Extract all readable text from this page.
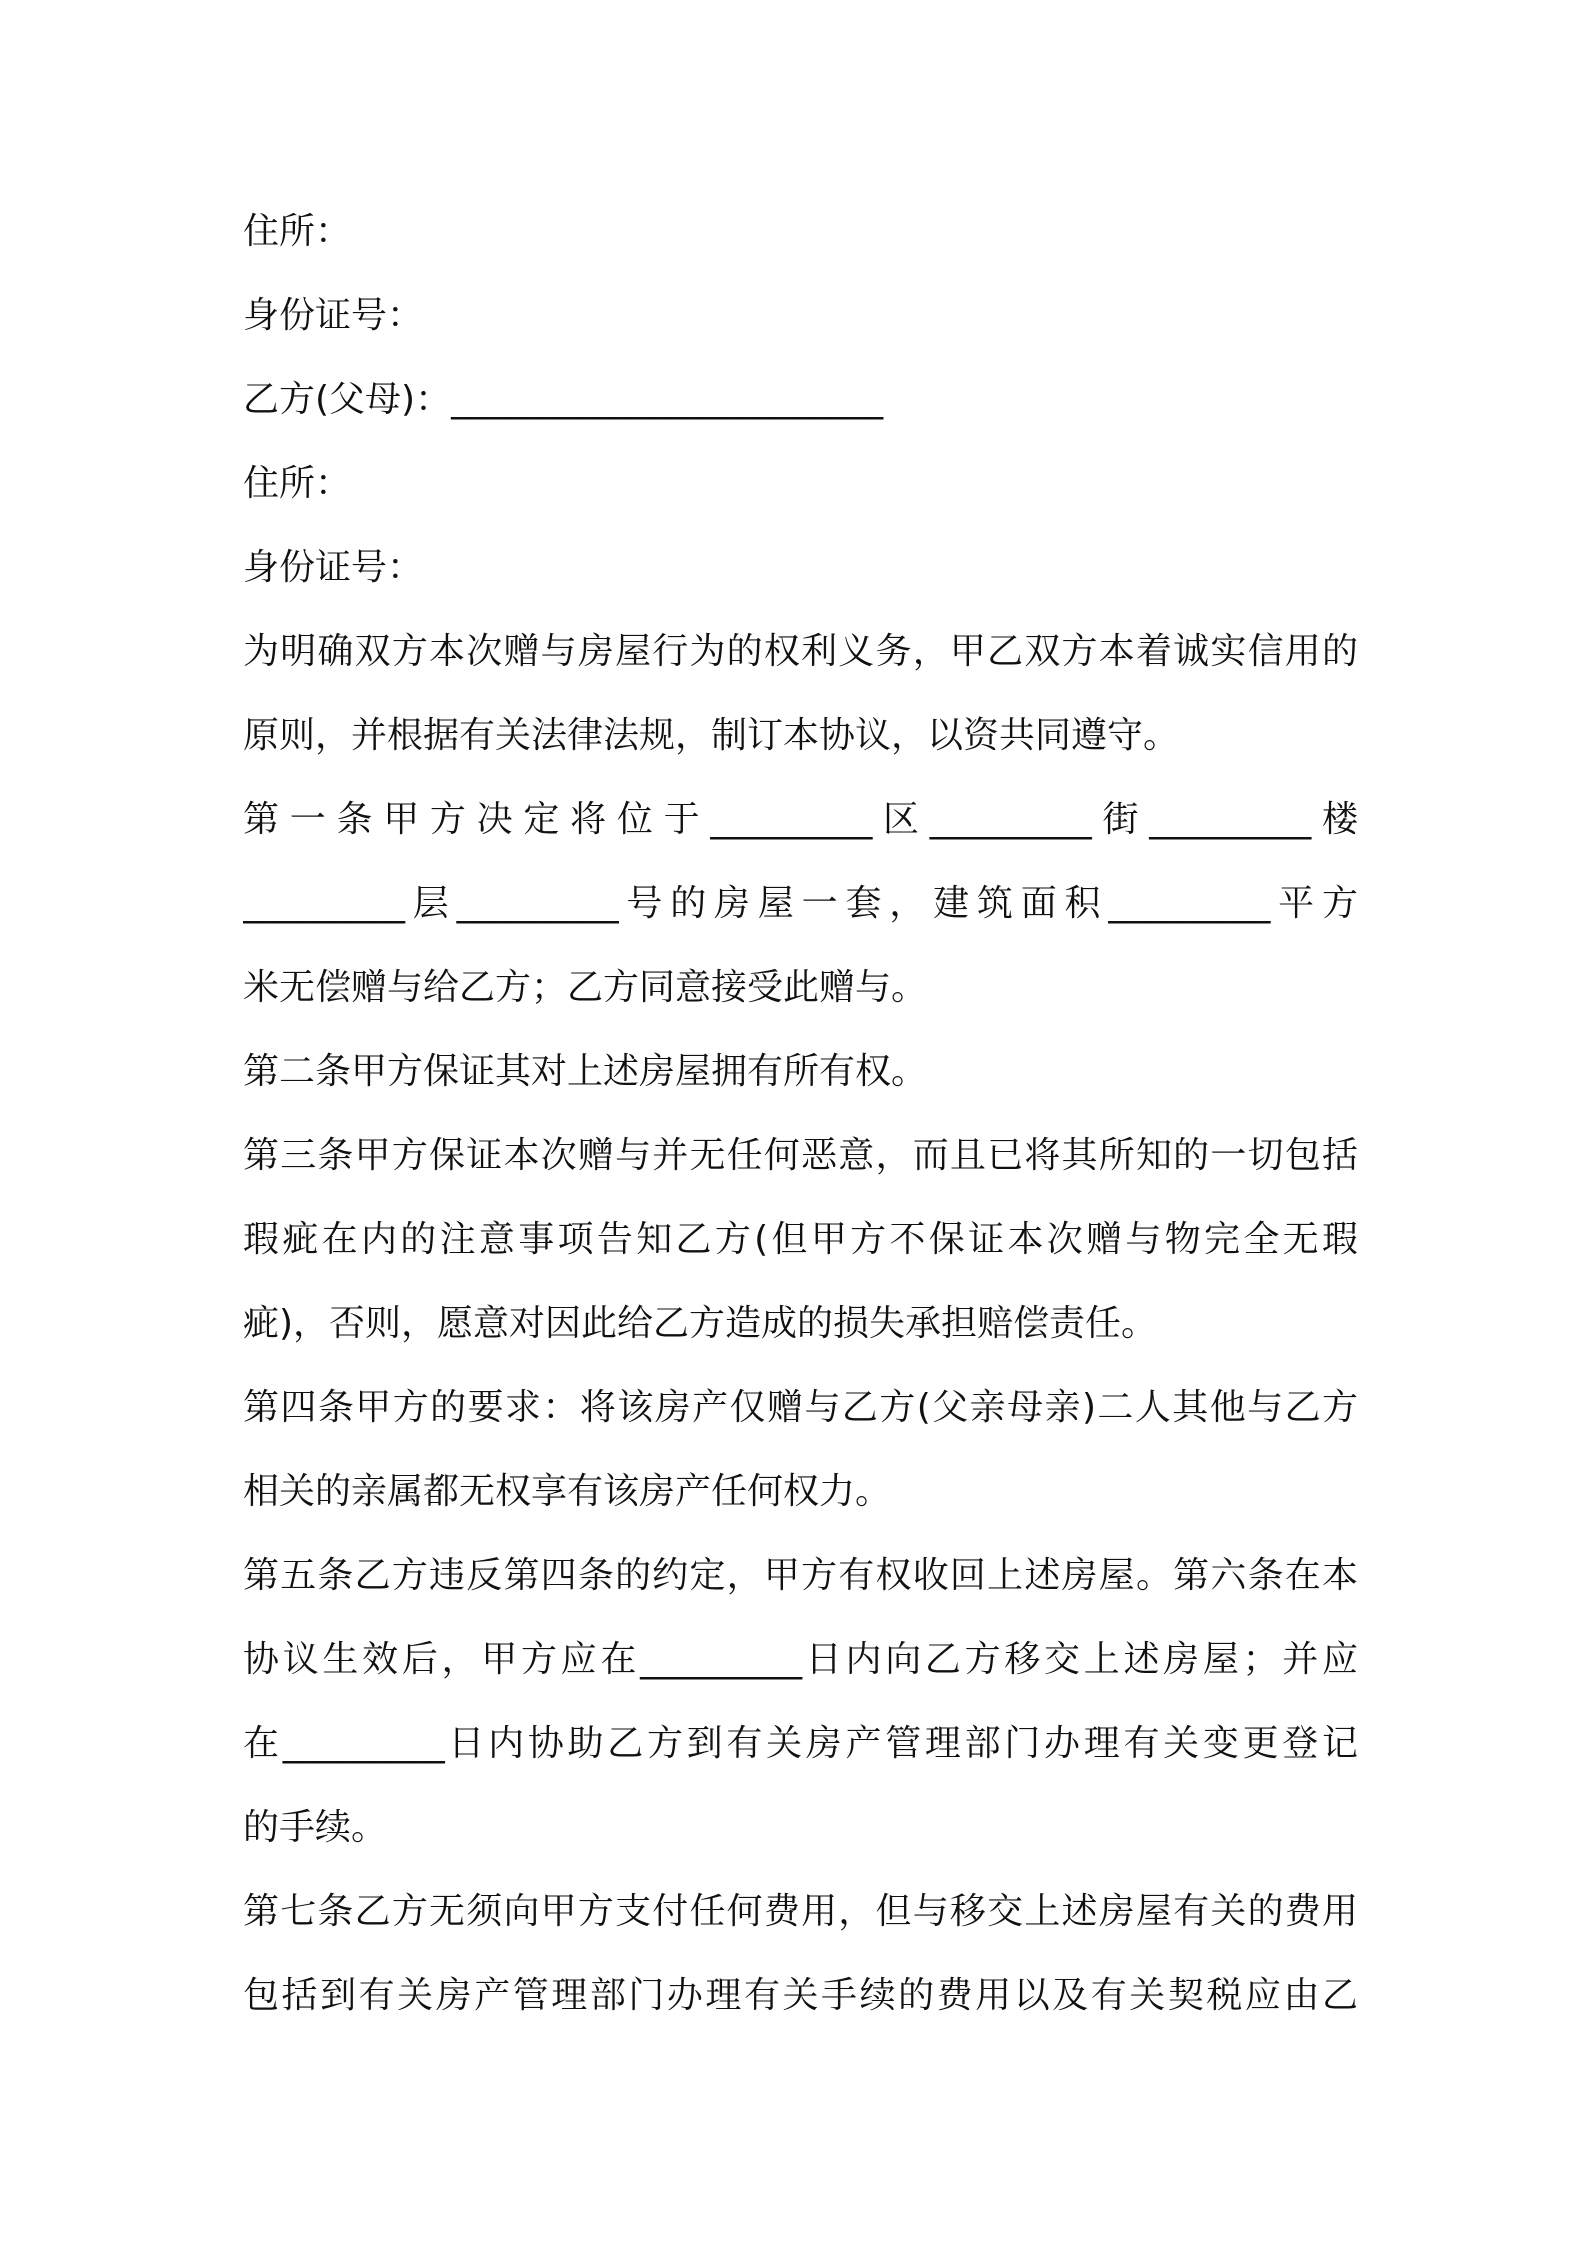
住所：
身份证号：
乙方(父母)：________________________
住所：
身份证号：
为明确双方本次赠与房屋行为的权利义务，甲乙双方本着诚实信用的
原则，并根据有关法律法规，制订本协议，以资共同遵守。
第一条甲方决定将位于_________区_________街_________楼
_________层_________号的房屋一套，建筑面积_________平方
米无偿赠与给乙方；乙方同意接受此赠与。
第二条甲方保证其对上述房屋拥有所有权。
第三条甲方保证本次赠与并无任何恶意，而且已将其所知的一切包括
瑕疵在内的注意事项告知乙方(但甲方不保证本次赠与物完全无瑕
疵)，否则，愿意对因此给乙方造成的损失承担赔偿责任。
第四条甲方的要求：将该房产仅赠与乙方(父亲母亲)二人其他与乙方
相关的亲属都无权享有该房产任何权力。
第五条乙方违反第四条的约定，甲方有权收回上述房屋。第六条在本
协议生效后，甲方应在_________日内向乙方移交上述房屋；并应
在_________日内协助乙方到有关房产管理部门办理有关变更登记
的手续。
第七条乙方无须向甲方支付任何费用，但与移交上述房屋有关的费用
包括到有关房产管理部门办理有关手续的费用以及有关契税应由乙
